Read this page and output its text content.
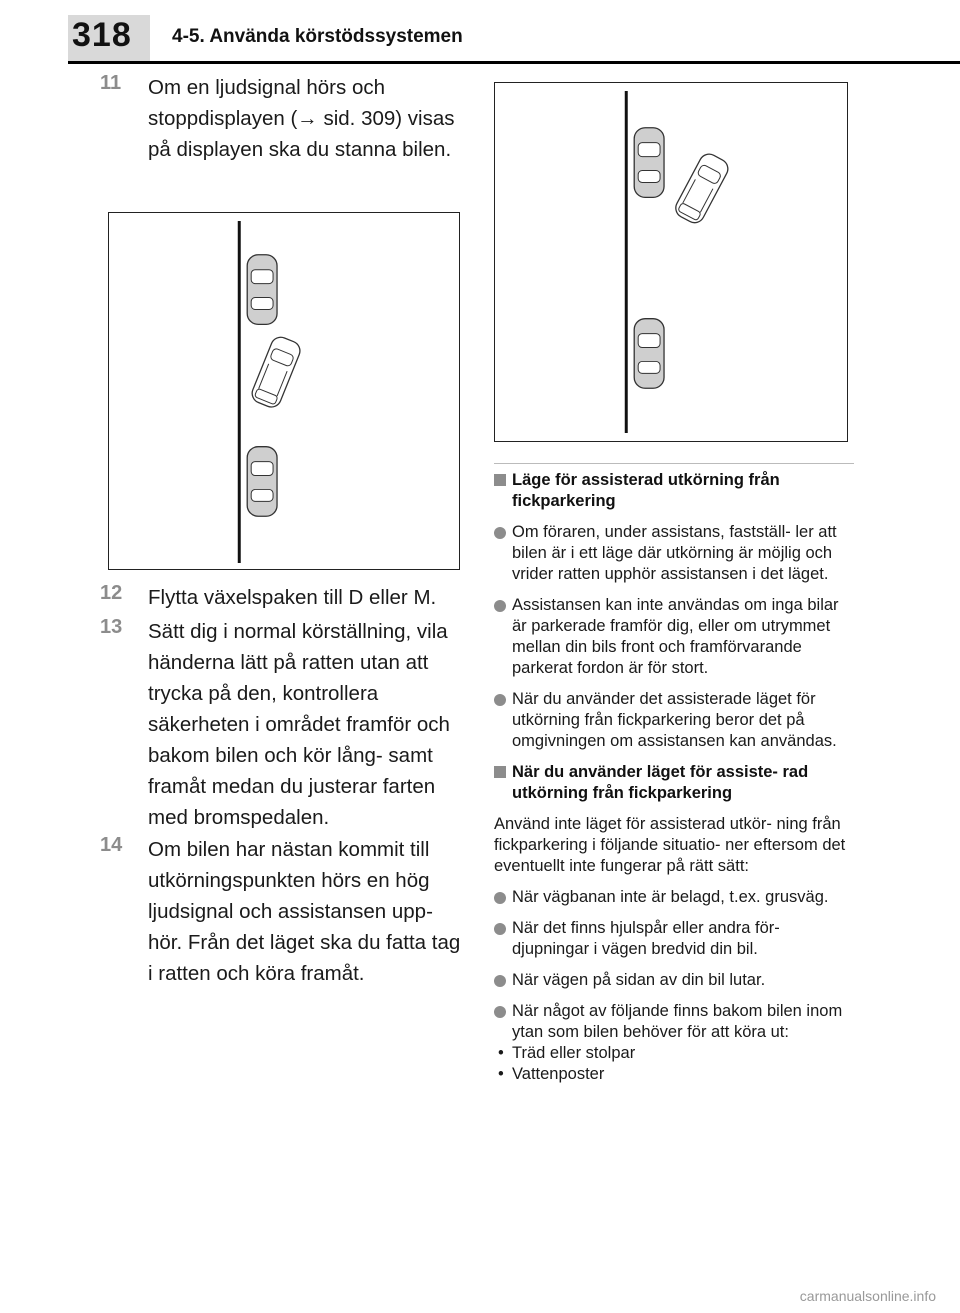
318 4-5. Använda körstödssystemen
11 Om en ljudsignal hörs och stoppdisplayen (→ sid. 309) visas på displayen ska du stanna bilen.
12 Flytta växelspaken till D eller M.
13 Sätt dig i normal körställning, vila händerna lätt på ratten utan att trycka på den, kontrollera säkerheten i området framför och bakom bilen och kör lång- samt framåt medan du justerar farten med bromspedalen.
14 Om bilen har nästan kommit till utkörningspunkten hörs en hög ljudsignal och assistansen upp- hör. Från det läget ska du fatta tag i ratten och köra framåt.
Läge för assisterad utkörning från fickparkering
Om föraren, under assistans, fastställ- ler att bilen är i ett läge där utkörning är möjlig och vrider ratten upphör assistansen i det läget.
Assistansen kan inte användas om inga bilar är parkerade framför dig, eller om utrymmet mellan din bils front och framförvarande parkerat fordon är för stort.
När du använder det assisterade läget för utkörning från fickparkering beror det på omgivningen om assistansen kan användas.
När du använder läget för assiste- rad utkörning från fickparkering
Använd inte läget för assisterad utkör- ning från fickparkering i följande situatio- ner eftersom det eventuellt inte fungerar på rätt sätt:
När vägbanan inte är belagd, t.ex. grusväg.
När det finns hjulspår eller andra för- djupningar i vägen bredvid din bil.
När vägen på sidan av din bil lutar.
När något av följande finns bakom bilen inom ytan som bilen behöver för att köra ut:
• Träd eller stolpar
• Vattenposter
carmanualsonline.info
